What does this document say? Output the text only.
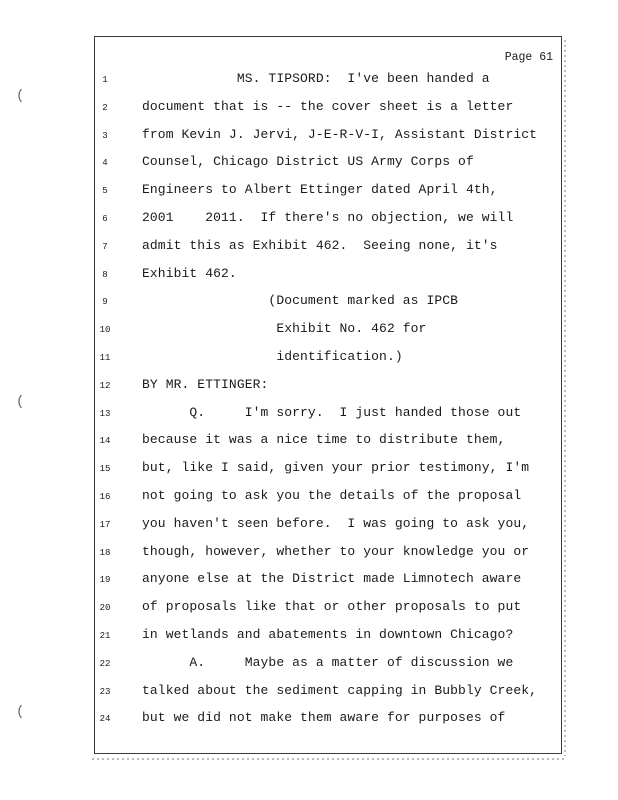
(
(
(
Page 61
1	MS. TIPSORD:  I've been handed a
2	document that is -- the cover sheet is a letter
3	from Kevin J. Jervi, J-E-R-V-I, Assistant District
4	Counsel, Chicago District US Army Corps of
5	Engineers to Albert Ettinger dated April 4th,
6	2001    2011.  If there's no objection, we will
7	admit this as Exhibit 462.  Seeing none, it's
8	Exhibit 462.
9	(Document marked as IPCB
10	Exhibit No. 462 for
11	identification.)
12	BY MR. ETTINGER:
13	Q.     I'm sorry.  I just handed those out
14	because it was a nice time to distribute them,
15	but, like I said, given your prior testimony, I'm
16	not going to ask you the details of the proposal
17	you haven't seen before.  I was going to ask you,
18	though, however, whether to your knowledge you or
19	anyone else at the District made Limnotech aware
20	of proposals like that or other proposals to put
21	in wetlands and abatements in downtown Chicago?
22	A.     Maybe as a matter of discussion we
23	talked about the sediment capping in Bubbly Creek,
24	but we did not make them aware for purposes of
